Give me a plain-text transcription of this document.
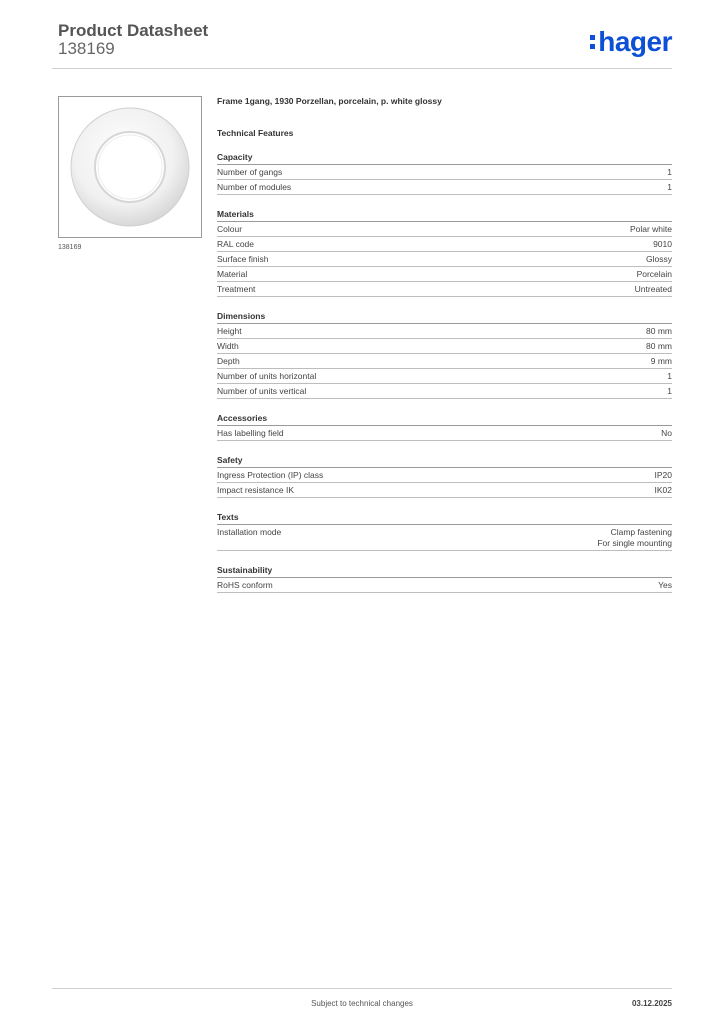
Product Datasheet
138169	hager
138169
Frame 1gang, 1930 Porzellan, porcelain, p. white glossy
Technical Features
Capacity
Number of gangs	1
Number of modules	1
Materials
Colour	Polar white
RAL code	9010
Surface finish	Glossy
Material	Porcelain
Treatment	Untreated
Dimensions
Height	80 mm
Width	80 mm
Depth	9 mm
Number of units horizontal	1
Number of units vertical	1
Accessories
Has labelling field	No
Safety
Ingress Protection (IP) class	IP20
Impact resistance IK	IK02
Texts
Installation mode	Clamp fastening
For single mounting
Sustainability
RoHS conform	Yes
Subject to technical changes	03.12.2025
